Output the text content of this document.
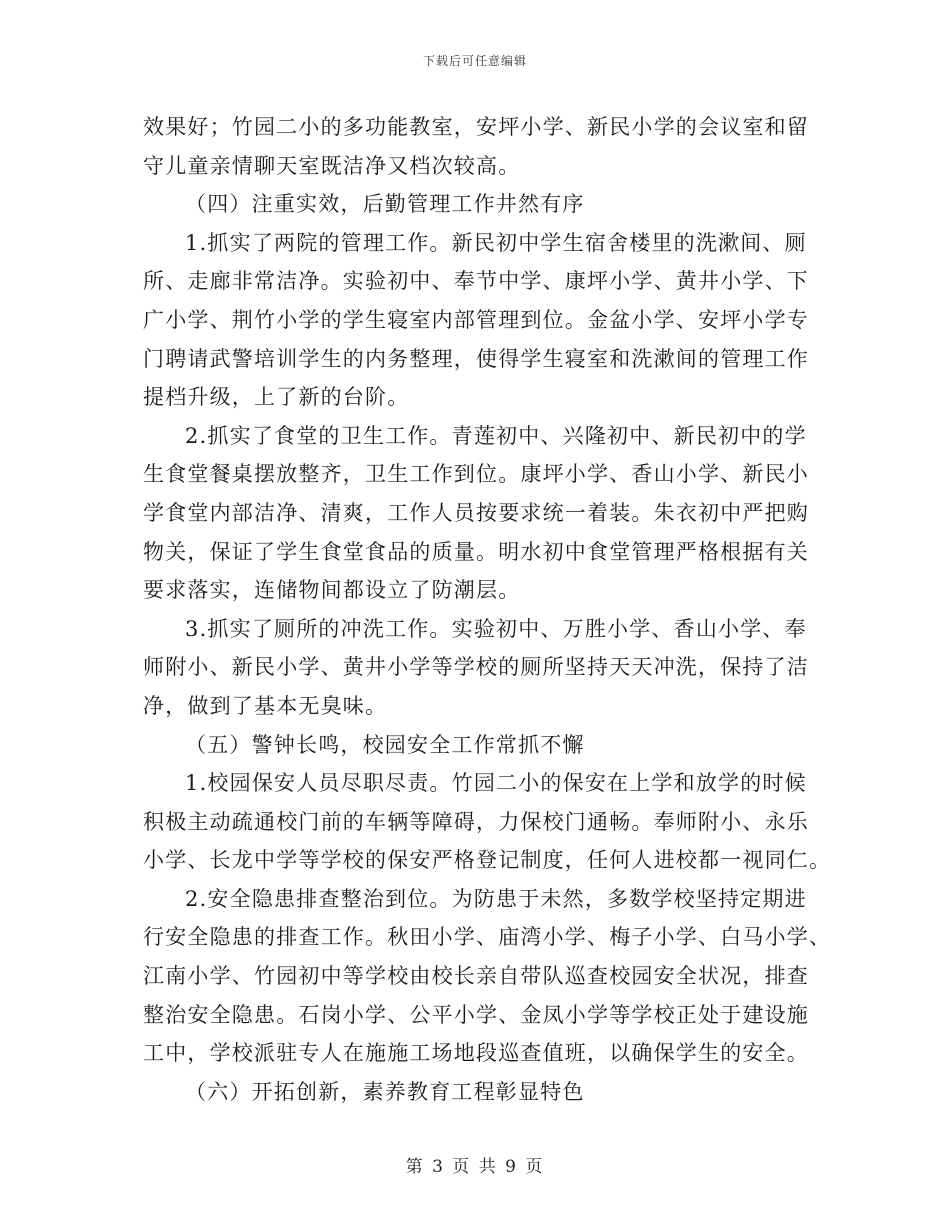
下载后可任意编辑
效果好；竹园二小的多功能教室，安坪小学、新民小学的会议室和留
守儿童亲情聊天室既洁净又档次较高。
（四）注重实效，后勤管理工作井然有序
1.抓实了两院的管理工作。新民初中学生宿舍楼里的洗漱间、厕
所、走廊非常洁净。实验初中、奉节中学、康坪小学、黄井小学、下
广小学、荆竹小学的学生寝室内部管理到位。金盆小学、安坪小学专
门聘请武警培训学生的内务整理，使得学生寝室和洗漱间的管理工作
提档升级，上了新的台阶。
2.抓实了食堂的卫生工作。青莲初中、兴隆初中、新民初中的学
生食堂餐桌摆放整齐，卫生工作到位。康坪小学、香山小学、新民小
学食堂内部洁净、清爽，工作人员按要求统一着装。朱衣初中严把购
物关，保证了学生食堂食品的质量。明水初中食堂管理严格根据有关
要求落实，连储物间都设立了防潮层。
3.抓实了厕所的冲洗工作。实验初中、万胜小学、香山小学、奉
师附小、新民小学、黄井小学等学校的厕所坚持天天冲洗，保持了洁
净，做到了基本无臭味。
（五）警钟长鸣，校园安全工作常抓不懈
1.校园保安人员尽职尽责。竹园二小的保安在上学和放学的时候
积极主动疏通校门前的车辆等障碍，力保校门通畅。奉师附小、永乐
小学、长龙中学等学校的保安严格登记制度，任何人进校都一视同仁。
2.安全隐患排查整治到位。为防患于未然，多数学校坚持定期进
行安全隐患的排查工作。秋田小学、庙湾小学、梅子小学、白马小学、
江南小学、竹园初中等学校由校长亲自带队巡查校园安全状况，排查
整治安全隐患。石岗小学、公平小学、金凤小学等学校正处于建设施
工中，学校派驻专人在施施工场地段巡查值班，以确保学生的安全。
（六）开拓创新，素养教育工程彰显特色
第 3 页 共 9 页
